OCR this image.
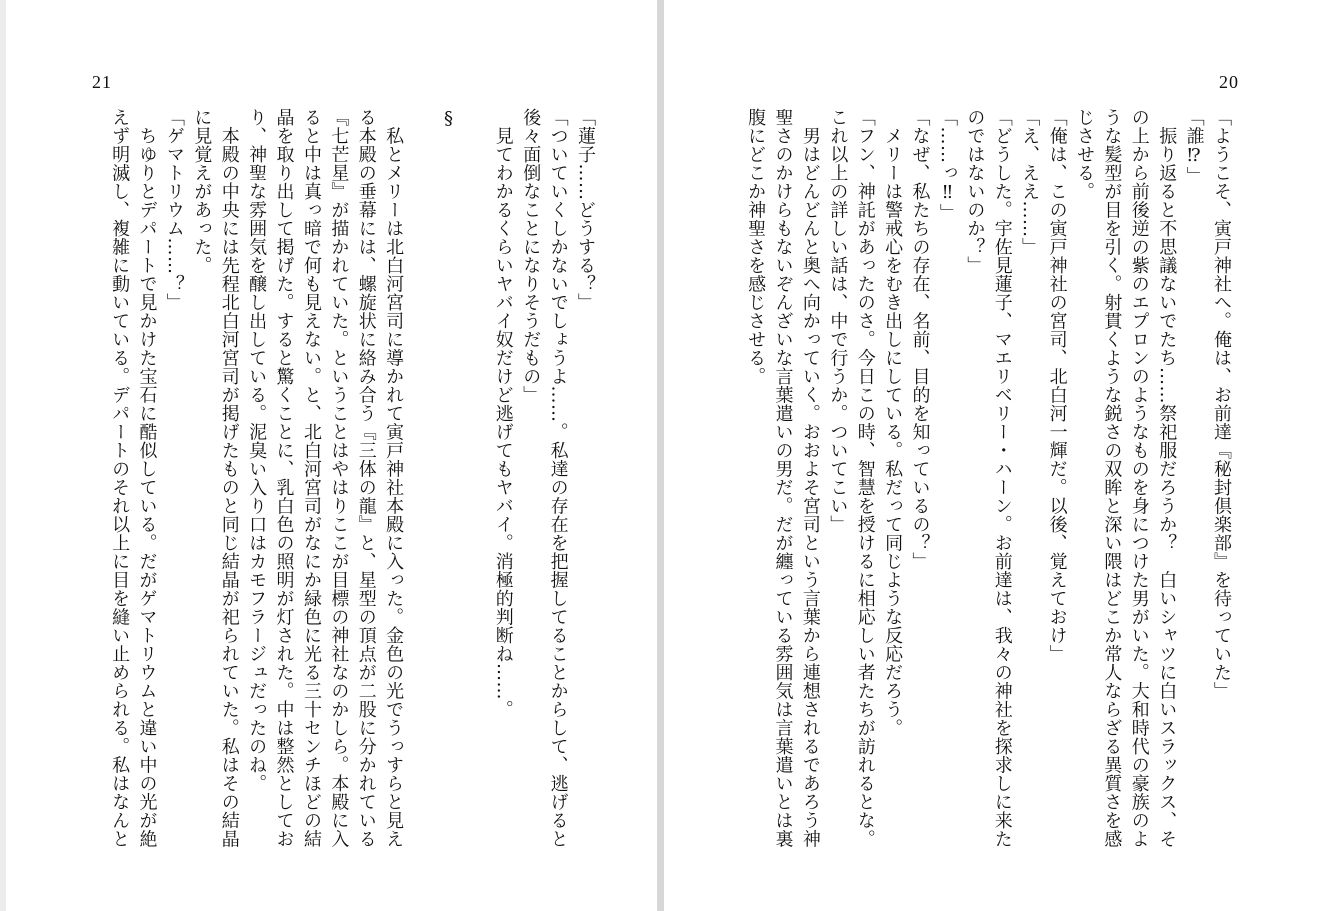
21
「蓮子……どうする？」
「ついていくしかないでしょうよ……。私達の存在を把握してることからして、逃げると
後々面倒なことになりそうだもの」
　見てわかるくらいヤバイ奴だけど逃げてもヤバイ。消極的判断ね……。

§

　私とメリーは北白河宮司に導かれて寅戸神社本殿に入った。金色の光でうっすらと見え
る本殿の垂幕には、螺旋状に絡み合う『三体の龍』と、星型の頂点が二股に分かれている
『七芒星』が描かれていた。ということはやはりここが目標の神社なのかしら。本殿に入
ると中は真っ暗で何も見えない。と、北白河宮司がなにか緑色に光る三十センチほどの結
晶を取り出して掲げた。すると驚くことに、乳白色の照明が灯された。中は整然としてお
り、神聖な雰囲気を醸し出している。泥臭い入り口はカモフラージュだったのね。
　本殿の中央には先程北白河宮司が掲げたものと同じ結晶が祀られていた。私はその結晶
に見覚えがあった。
「ゲマトリウム……？」
　ちゆりとデパートで見かけた宝石に酷似している。だがゲマトリウムと違い中の光が絶
えず明滅し、複雑に動いている。デパートのそれ以上に目を縫い止められる。私はなんと
20
「ようこそ、寅戸神社へ。俺は、お前達『秘封倶楽部』を待っていた」
「誰⁉」
　振り返ると不思議ないでたち……祭祀服だろうか？　白いシャツに白いスラックス、そ
の上から前後逆の紫のエプロンのようなものを身につけた男がいた。大和時代の豪族のよ
うな髪型が目を引く。射貫くような鋭さの双眸と深い隈はどこか常人ならざる異質さを感
じさせる。
「俺は、この寅戸神社の宮司、北白河一輝だ。以後、覚えておけ」
「え、ええ……」
「どうした。宇佐見蓮子、マエリベリー・ハーン。お前達は、我々の神社を探求しに来た
のではないのか？」
「……っ‼」
「なぜ、私たちの存在、名前、目的を知っているの？」
　メリーは警戒心をむき出しにしている。私だって同じような反応だろう。
「フン、神託があったのさ。今日この時、智慧を授けるに相応しい者たちが訪れるとな。
これ以上の詳しい話は、中で行うか。ついてこい」
　男はどんどんと奥へ向かっていく。おおよそ宮司という言葉から連想されるであろう神
聖さのかけらもないぞんざいな言葉遣いの男だ。だが纏っている雰囲気は言葉遣いとは裏
腹にどこか神聖さを感じさせる。
